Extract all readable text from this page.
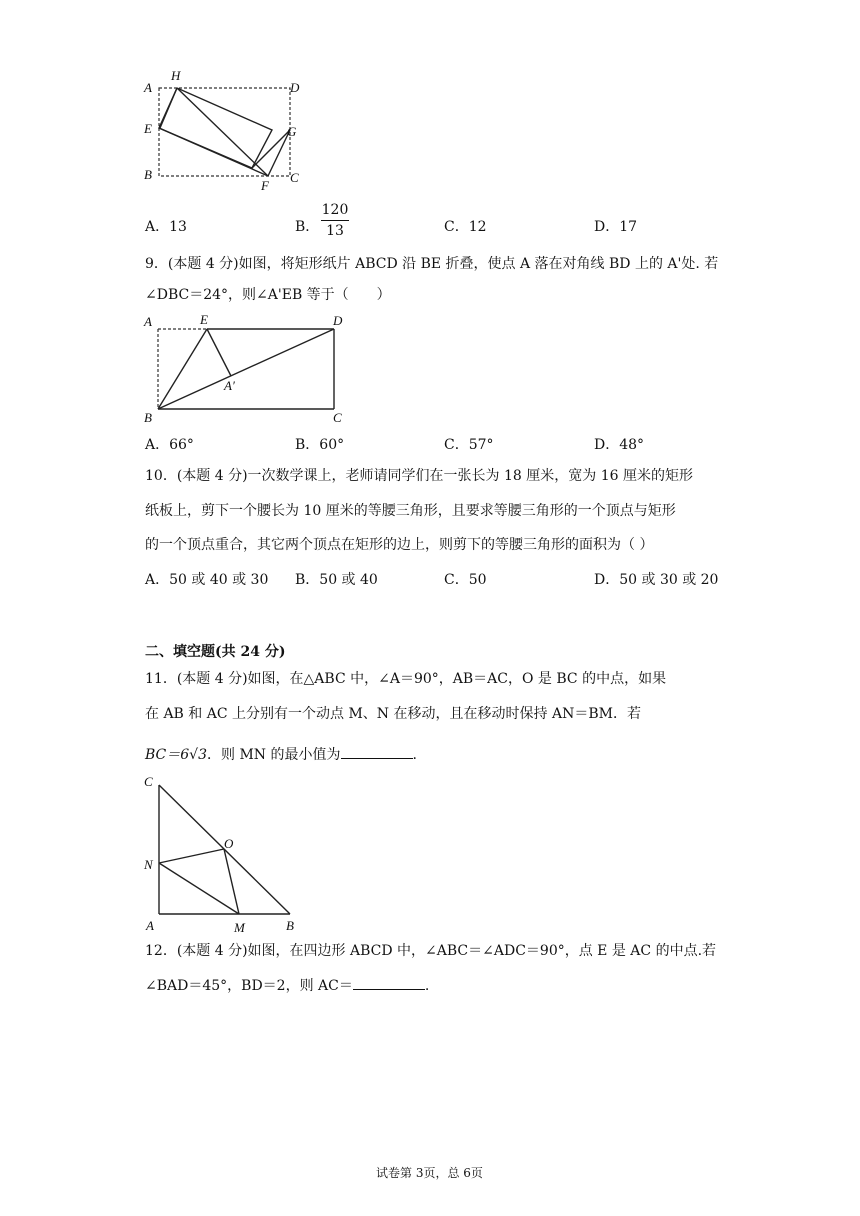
A
H
D
E	G
B
F
C
A．13	B．
120
13	C．12	D．17
9．(本题 4 分)如图，将矩形纸片 ABCD 沿 BE 折叠，使点 A 落在对角线 BD 上的 A'处. 若
∠DBC＝24°，则∠A'EB 等于（　　）
A	E	D
A′
B	C
A．66°	B．60°	C．57°	D．48°
10．(本题 4 分)一次数学课上，老师请同学们在一张长为 18 厘米，宽为 16 厘米的矩形
纸板上，剪下一个腰长为 10 厘米的等腰三角形，且要求等腰三角形的一个顶点与矩形
的一个顶点重合，其它两个顶点在矩形的边上，则剪下的等腰三角形的面积为（ ）
A．50 或 40 或 30 B．50 或 40	C．50	D．50 或 30 或 20
二、填空题(共 24 分)
11．(本题 4 分)如图，在△ABC 中，∠A＝90°，AB＝AC，O 是 BC 的中点，如果
在 AB 和 AC 上分别有一个动点 M、N 在移动，且在移动时保持 AN＝BM．若
BC＝6√3．则 MN 的最小值为	.
C
O
N
A	M	B
12．(本题 4 分)如图，在四边形 ABCD 中，∠ABC＝∠ADC＝90°，点 E 是 AC 的中点.若
∠BAD＝45°，BD＝2，则 AC＝	.
试卷第 3页，总 6页
